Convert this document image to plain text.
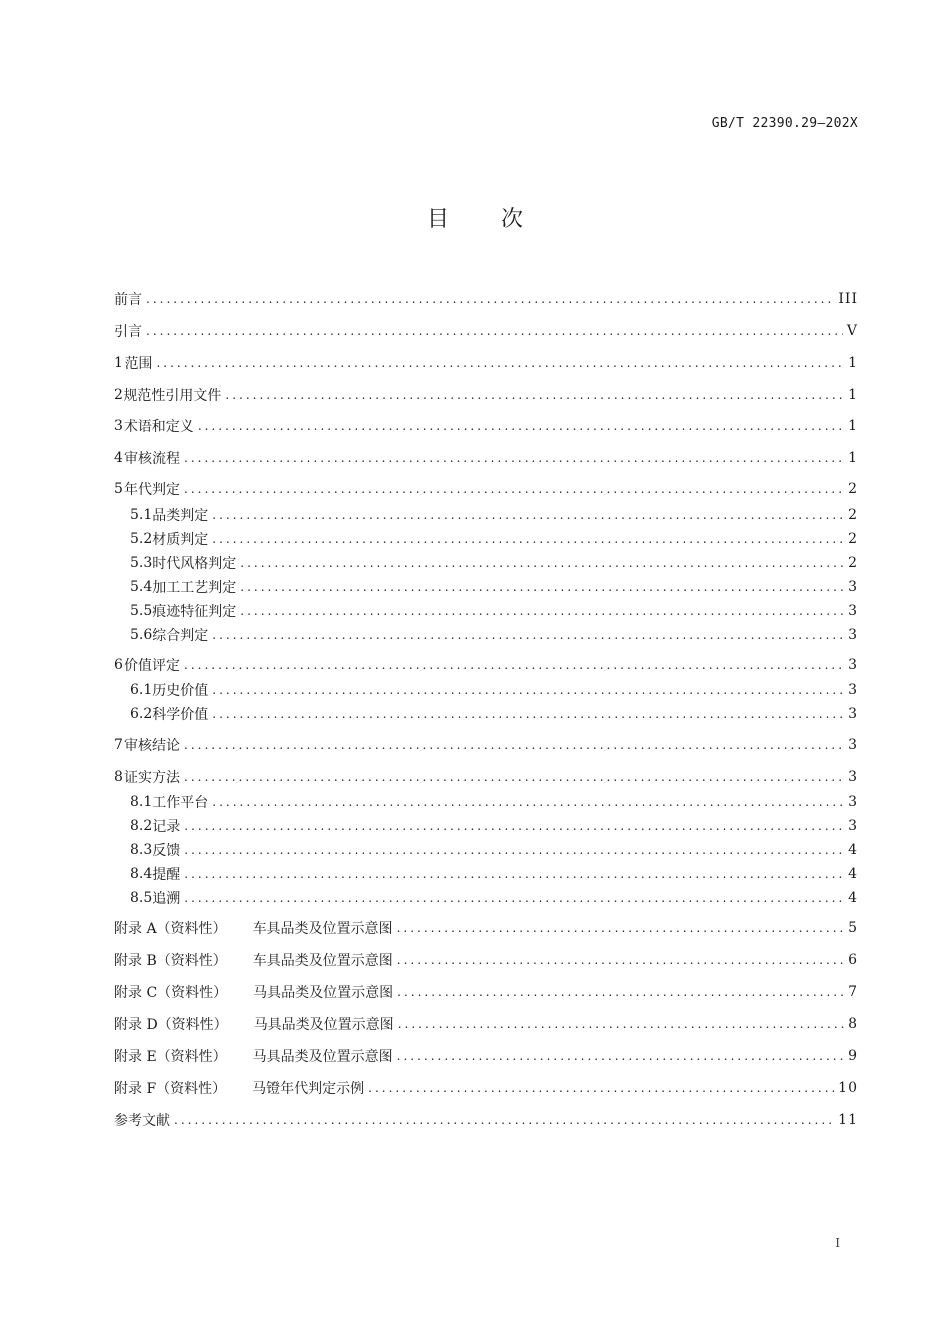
GB/T 22390.29—202X
目 次
前言 .....	III
引言 .....	V
1 范围 .....	1
2 规范性引用文件 .....	1
3 术语和定义 .....	1
4 审核流程 .....	1
5 年代判定 .....	2
5.1 品类判定 .....	2
5.2 材质判定 .....	2
5.3 时代风格判定 .....	2
5.4 加工工艺判定 .....	3
5.5 痕迹特征判定 .....	3
5.6 综合判定 .....	3
6 价值评定 .....	3
6.1 历史价值 .....	3
6.2 科学价值 .....	3
7 审核结论 .....	3
8 证实方法 .....	3
8.1 工作平台 .....	3
8.2 记录 .....	3
8.3 反馈 .....	4
8.4 提醒 .....	4
8.5 追溯 .....	4
附录 A（资料性） 车具品类及位置示意图 .....	5
附录 B（资料性） 车具品类及位置示意图 .....	6
附录 C（资料性） 马具品类及位置示意图 .....	7
附录 D（资料性） 马具品类及位置示意图 .....	8
附录 E（资料性） 马具品类及位置示意图 .....	9
附录 F（资料性） 马镫年代判定示例 .....	10
参考文献 .....	11
I
